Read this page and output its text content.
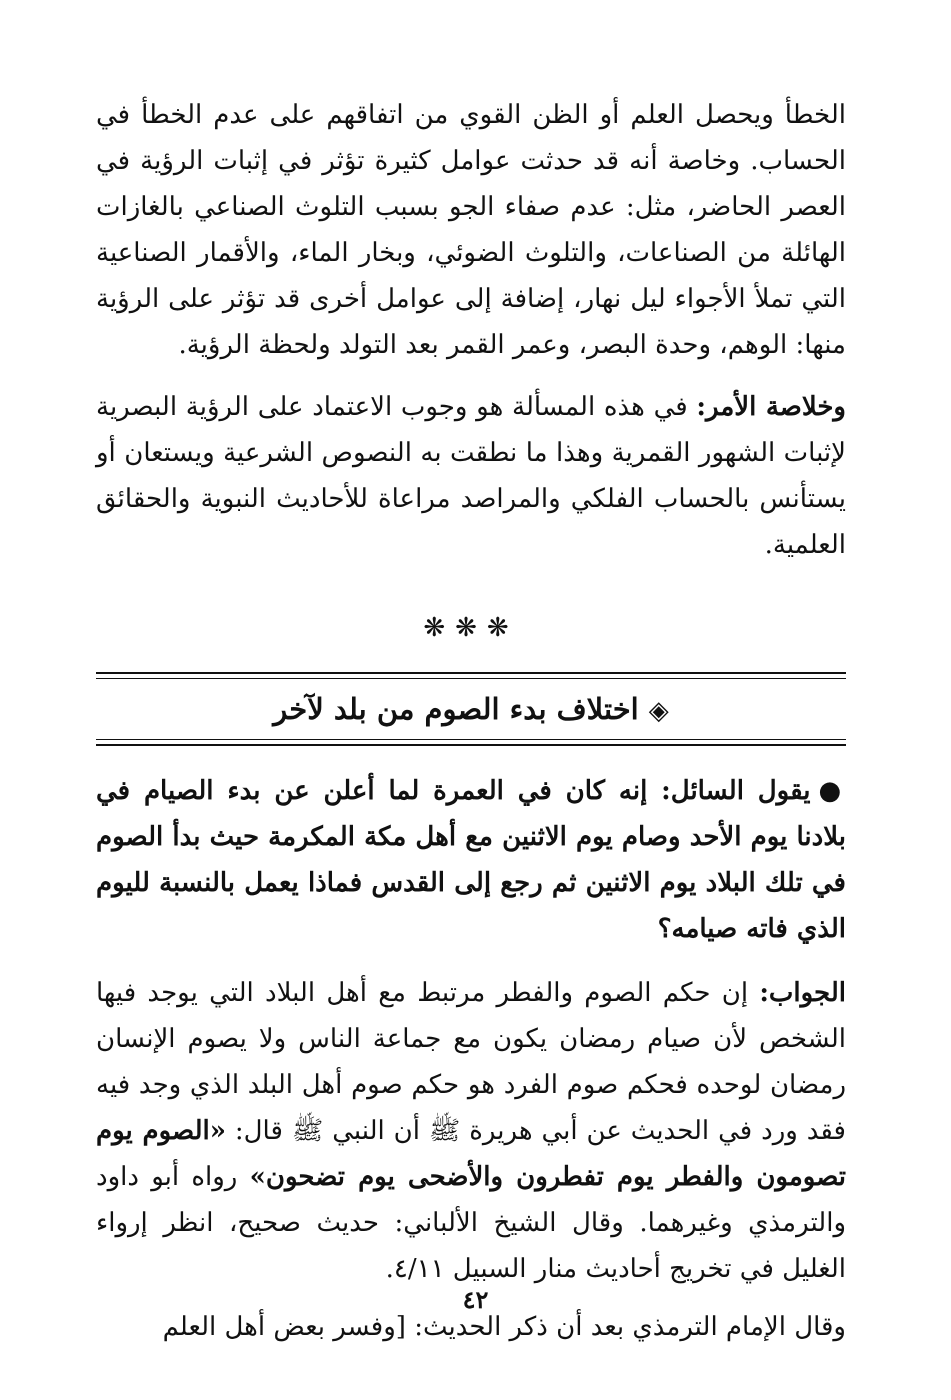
الخطأ ويحصل العلم أو الظن القوي من اتفاقهم على عدم الخطأ في الحساب. وخاصة أنه قد حدثت عوامل كثيرة تؤثر في إثبات الرؤية في العصر الحاضر، مثل: عدم صفاء الجو بسبب التلوث الصناعي بالغازات الهائلة من الصناعات، والتلوث الضوئي، وبخار الماء، والأقمار الصناعية التي تملأ الأجواء ليل نهار، إضافة إلى عوامل أخرى قد تؤثر على الرؤية منها: الوهم، وحدة البصر، وعمر القمر بعد التولد ولحظة الرؤية.

وخلاصة الأمر: في هذه المسألة هو وجوب الاعتماد على الرؤية البصرية لإثبات الشهور القمرية وهذا ما نطقت به النصوص الشرعية ويستعان أو يستأنس بالحساب الفلكي والمراصد مراعاة للأحاديث النبوية والحقائق العلمية.

❋❋❋
◈اختلاف بدء الصوم من بلد لآخر

●يقول السائل: إنه كان في العمرة لما أعلن عن بدء الصيام في بلادنا يوم الأحد وصام يوم الاثنين مع أهل مكة المكرمة حيث بدأ الصوم في تلك البلاد يوم الاثنين ثم رجع إلى القدس فماذا يعمل بالنسبة لليوم الذي فاته صيامه؟

الجواب: إن حكم الصوم والفطر مرتبط مع أهل البلاد التي يوجد فيها الشخص لأن صيام رمضان يكون مع جماعة الناس ولا يصوم الإنسان رمضان لوحده فحكم صوم الفرد هو حكم صوم أهل البلد الذي وجد فيه فقد ورد في الحديث عن أبي هريرة ﷺ أن النبي ﷺ قال: «الصوم يوم تصومون والفطر يوم تفطرون والأضحى يوم تضحون» رواه أبو داود والترمذي وغيرهما. وقال الشيخ الألباني: حديث صحيح، انظر إرواء الغليل في تخريج أحاديث منار السبيل ٤/١١.

وقال الإمام الترمذي بعد أن ذكر الحديث: [وفسر بعض أهل العلم

٤٢
